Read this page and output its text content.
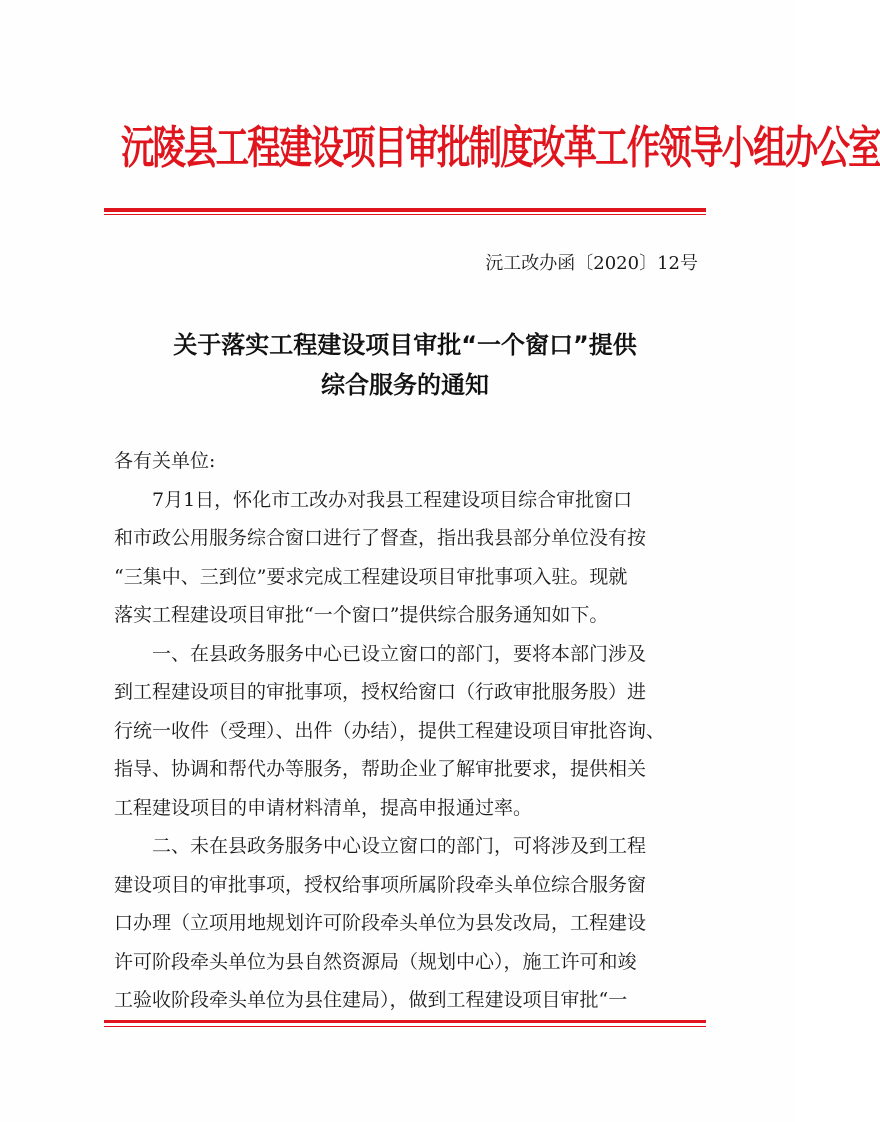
沅陵县工程建设项目审批制度改革工作领导小组办公室
沅工改办函〔2020〕12号
关于落实工程建设项目审批“一个窗口”提供
综合服务的通知
各有关单位:
7月1日，怀化市工改办对我县工程建设项目综合审批窗口
和市政公用服务综合窗口进行了督查，指出我县部分单位没有按
“三集中、三到位”要求完成工程建设项目审批事项入驻。现就
落实工程建设项目审批“一个窗口”提供综合服务通知如下。
一、在县政务服务中心已设立窗口的部门，要将本部门涉及
到工程建设项目的审批事项，授权给窗口（行政审批服务股）进
行统一收件（受理）、出件（办结），提供工程建设项目审批咨询、
指导、协调和帮代办等服务，帮助企业了解审批要求，提供相关
工程建设项目的申请材料清单，提高申报通过率。
二、未在县政务服务中心设立窗口的部门，可将涉及到工程
建设项目的审批事项，授权给事项所属阶段牵头单位综合服务窗
口办理（立项用地规划许可阶段牵头单位为县发改局，工程建设
许可阶段牵头单位为县自然资源局（规划中心），施工许可和竣
工验收阶段牵头单位为县住建局），做到工程建设项目审批“一
